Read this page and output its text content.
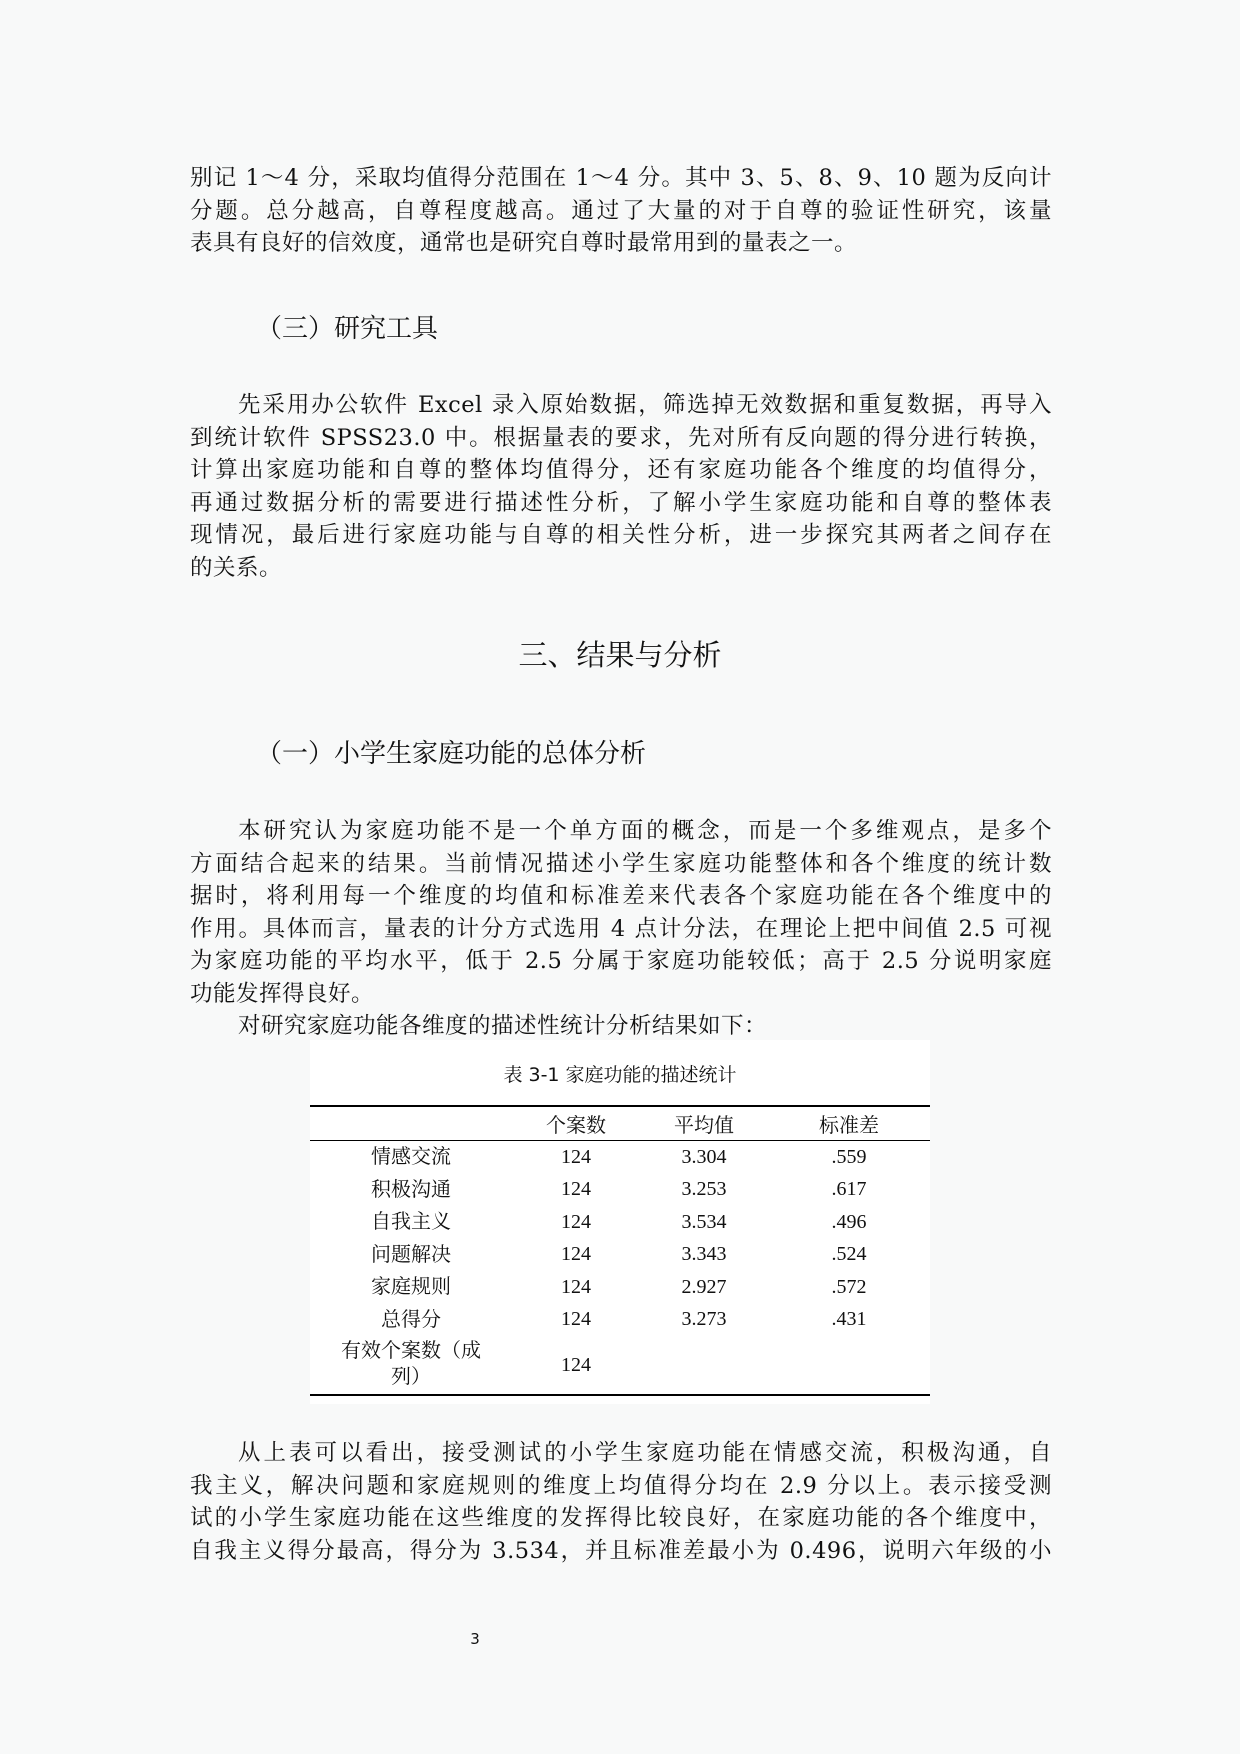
别记 1～4 分，采取均值得分范围在 1～4 分。其中 3、5、8、9、10 题为反向计
分题。总分越高，自尊程度越高。通过了大量的对于自尊的验证性研究，该量
表具有良好的信效度，通常也是研究自尊时最常用到的量表之一。

（三）研究工具

先采用办公软件 Excel 录入原始数据，筛选掉无效数据和重复数据，再导入
到统计软件 SPSS23.0 中。根据量表的要求，先对所有反向题的得分进行转换，
计算出家庭功能和自尊的整体均值得分，还有家庭功能各个维度的均值得分，
再通过数据分析的需要进行描述性分析，了解小学生家庭功能和自尊的整体表
现情况，最后进行家庭功能与自尊的相关性分析，进一步探究其两者之间存在
的关系。

三、结果与分析
（一）小学生家庭功能的总体分析

本研究认为家庭功能不是一个单方面的概念，而是一个多维观点，是多个
方面结合起来的结果。当前情况描述小学生家庭功能整体和各个维度的统计数
据时，将利用每一个维度的均值和标准差来代表各个家庭功能在各个维度中的
作用。具体而言，量表的计分方式选用 4 点计分法，在理论上把中间值 2.5 可视
为家庭功能的平均水平，低于 2.5 分属于家庭功能较低；高于 2.5 分说明家庭
功能发挥得良好。

对研究家庭功能各维度的描述性统计分析结果如下：

表 3-1 家庭功能的描述统计
	个案数	平均值	标准差
情感交流	124	3.304	.559
积极沟通	124	3.253	.617
自我主义	124	3.534	.496
问题解决	124	3.343	.524
家庭规则	124	2.927	.572
总得分	124	3.273	.431

有效个案数（成
列）	124		

从上表可以看出，接受测试的小学生家庭功能在情感交流，积极沟通，自
我主义，解决问题和家庭规则的维度上均值得分均在 2.9 分以上。表示接受测
试的小学生家庭功能在这些维度的发挥得比较良好，在家庭功能的各个维度中，
自我主义得分最高，得分为 3.534，并且标准差最小为 0.496，说明六年级的小

3
